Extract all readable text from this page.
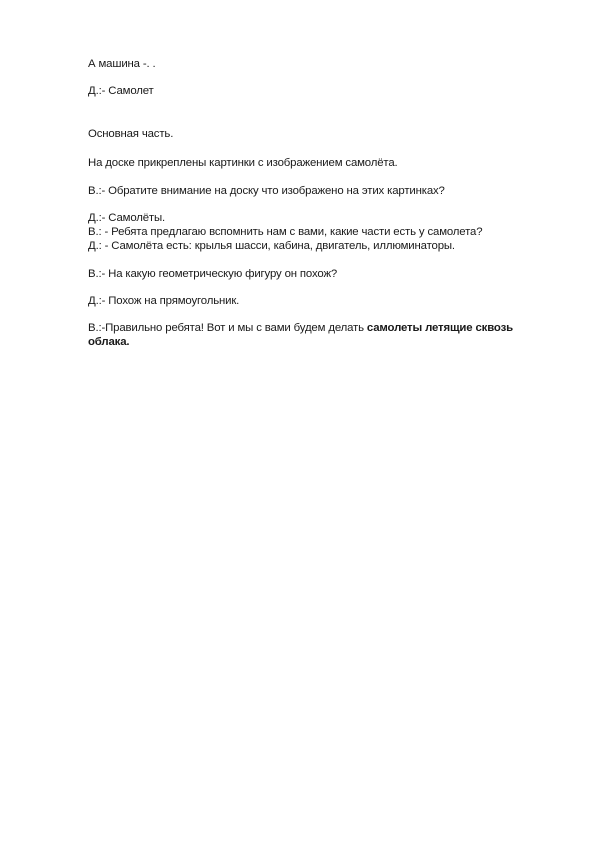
А машина -. .

Д.:- Самолет

Основная часть.

На доске прикреплены картинки с изображением самолёта.

В.:- Обратите внимание на доску что изображено на этих картинках?

Д.:- Самолёты.

В.: - Ребята предлагаю вспомнить нам с вами, какие части есть у самолета?

Д.: - Самолёта есть: крылья шасси, кабина, двигатель, иллюминаторы.

В.:- На какую геометрическую фигуру он похож?

Д.:- Похож на прямоугольник.

В.:-Правильно ребята! Вот и мы с вами будем делать самолеты летящие сквозь облака.
